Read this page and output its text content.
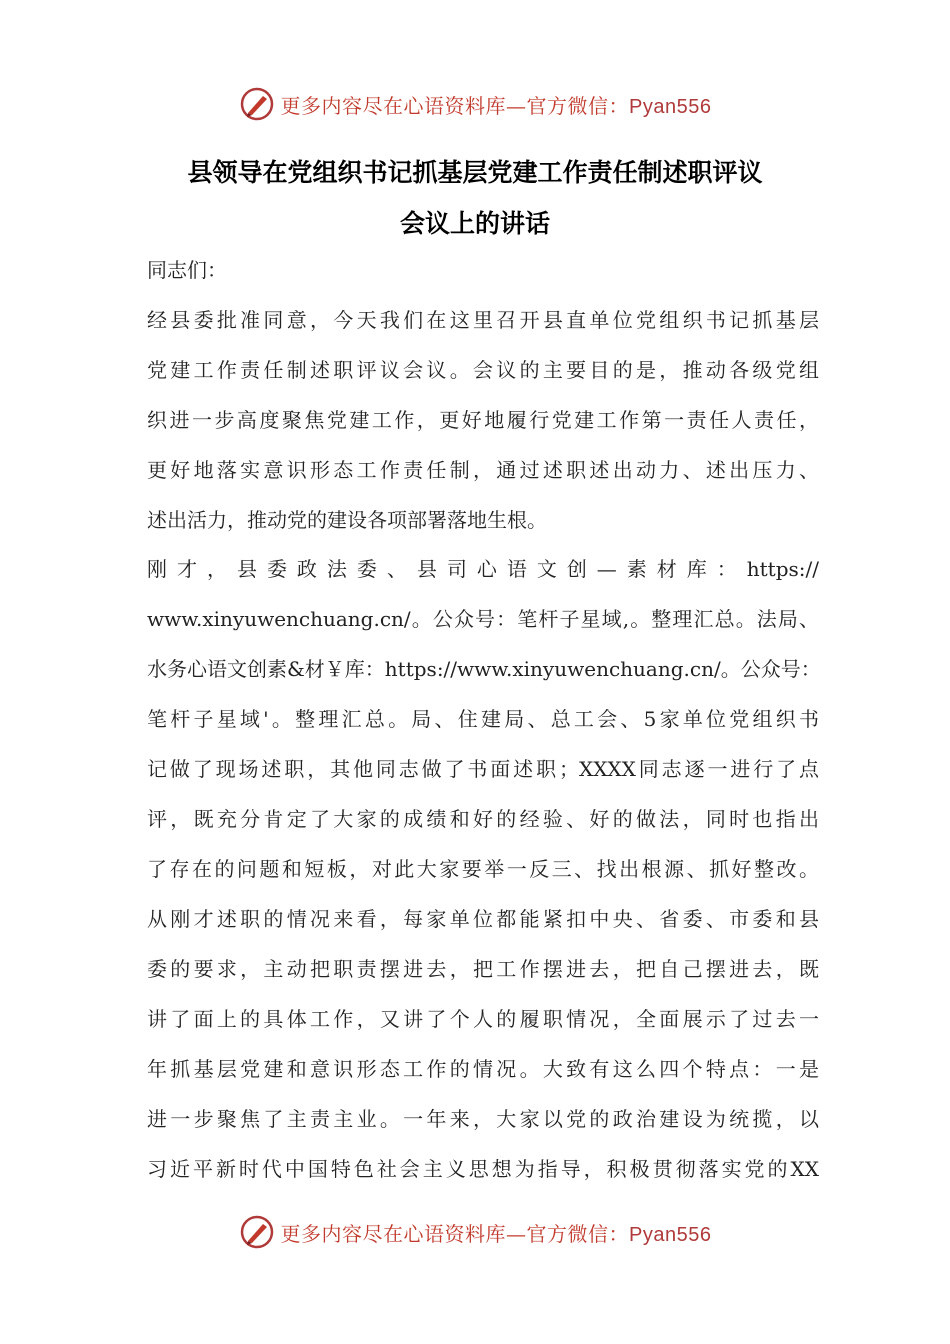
更多内容尽在心语资料库—官方微信：Pyan556
县领导在党组织书记抓基层党建工作责任制述职评议
会议上的讲话
同志们：
经县委批准同意，今天我们在这里召开县直单位党组织书记抓基层
党建工作责任制述职评议会议。会议的主要目的是，推动各级党组
织进一步高度聚焦党建工作，更好地履行党建工作第一责任人责任，
更好地落实意识形态工作责任制，通过述职述出动力、述出压力、
述出活力，推动党的建设各项部署落地生根。
刚才，县委政法委、县司心语文创—素材库：https://
www.xinyuwenchuang.cn/。公众号：笔杆子星域,。整理汇总。法局、
水务心语文创素&材￥库：https://www.xinyuwenchuang.cn/。公众号：
笔杆子星域'。整理汇总。局、住建局、总工会、5家单位党组织书
记做了现场述职，其他同志做了书面述职；XXXX同志逐一进行了点
评，既充分肯定了大家的成绩和好的经验、好的做法，同时也指出
了存在的问题和短板，对此大家要举一反三、找出根源、抓好整改。
从刚才述职的情况来看，每家单位都能紧扣中央、省委、市委和县
委的要求，主动把职责摆进去，把工作摆进去，把自己摆进去，既
讲了面上的具体工作，又讲了个人的履职情况，全面展示了过去一
年抓基层党建和意识形态工作的情况。大致有这么四个特点：一是
进一步聚焦了主责主业。一年来，大家以党的政治建设为统揽，以
习近平新时代中国特色社会主义思想为指导，积极贯彻落实党的XX
更多内容尽在心语资料库—官方微信：Pyan556
